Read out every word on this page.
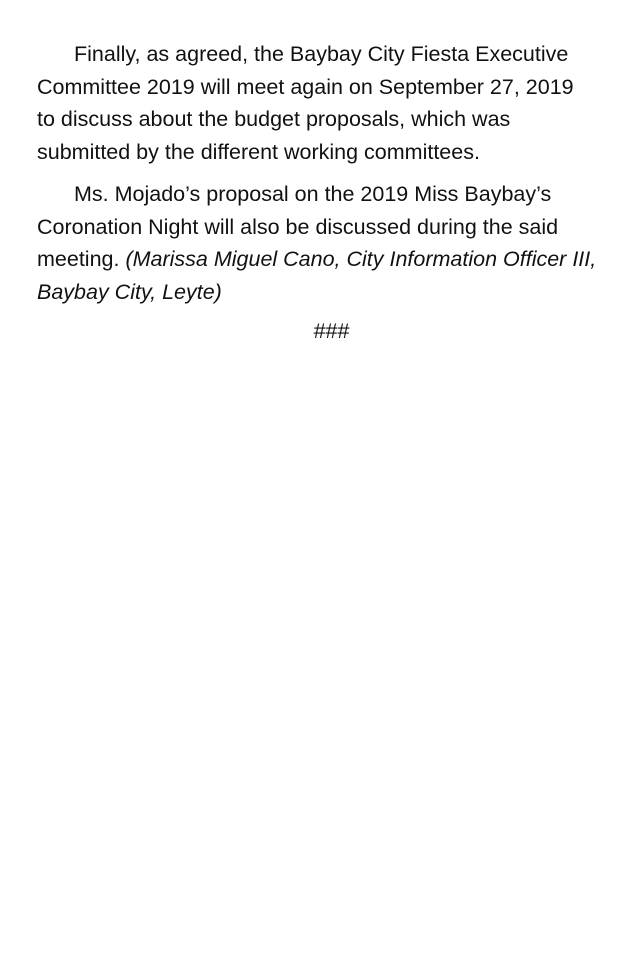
Finally, as agreed, the Baybay City Fiesta Executive Committee 2019 will meet again on September 27, 2019 to discuss about the budget proposals, which was submitted by the different working committees.

Ms. Mojado’s proposal on the 2019 Miss Baybay’s Coronation Night will also be discussed during the said meeting. (Marissa Miguel Cano, City Information Officer III, Baybay City, Leyte)

###
